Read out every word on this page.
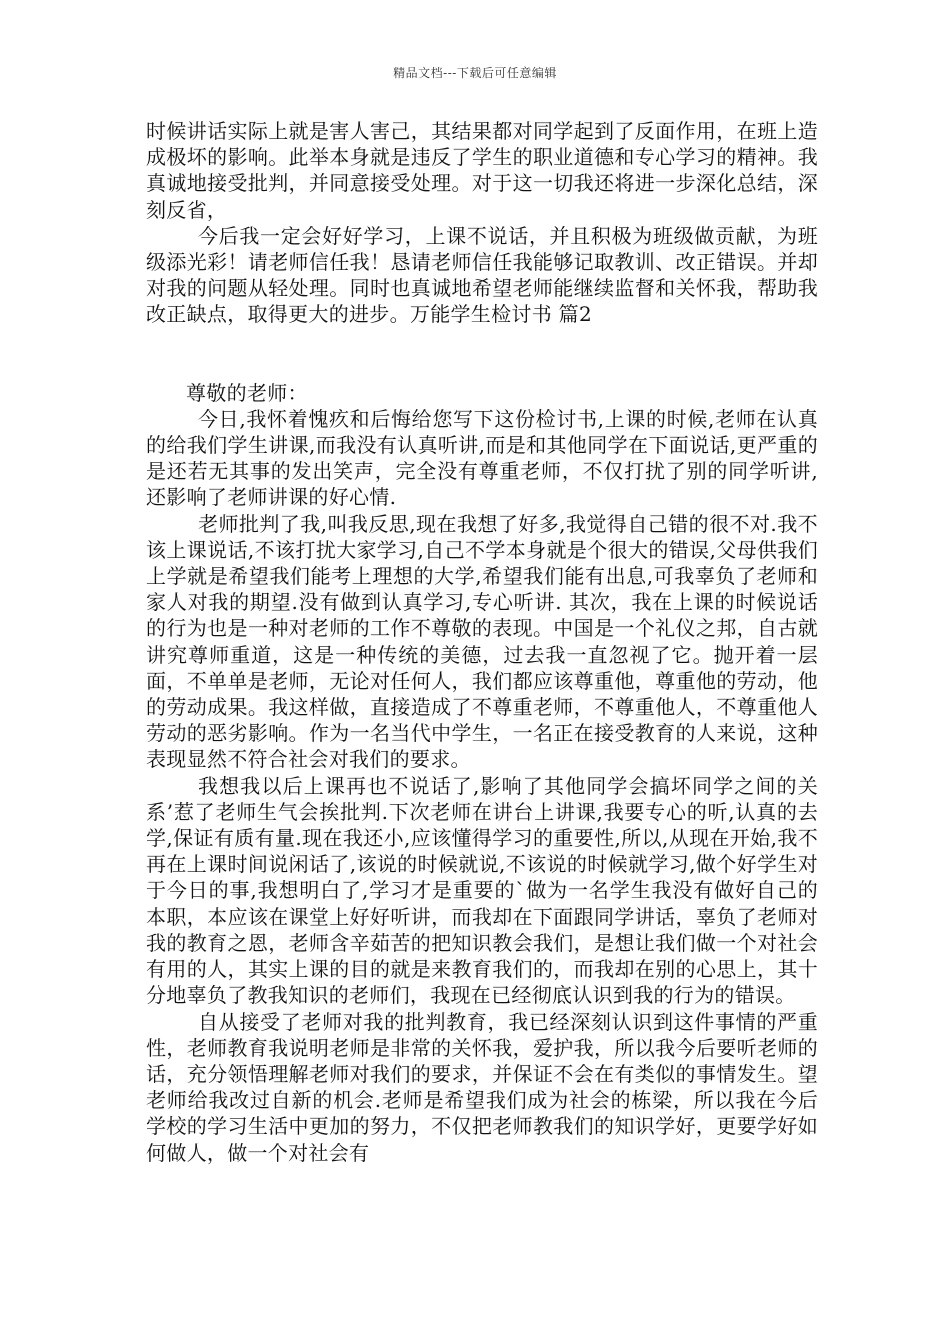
精品文档---下载后可任意编辑

时候讲话实际上就是害人害己，其结果都对同学起到了反面作用，在班上造成极坏的影响。此举本身就是违反了学生的职业道德和专心学习的精神。我真诚地接受批判，并同意接受处理。对于这一切我还将进一步深化总结，深刻反省，

今后我一定会好好学习，上课不说话，并且积极为班级做贡献，为班级添光彩！请老师信任我！恳请老师信任我能够记取教训、改正错误。并却对我的问题从轻处理。同时也真诚地希望老师能继续监督和关怀我，帮助我改正缺点，取得更大的进步。万能学生检讨书 篇2

尊敬的老师：

今日,我怀着愧疚和后悔给您写下这份检讨书,上课的时候,老师在认真的给我们学生讲课,而我没有认真听讲,而是和其他同学在下面说话,更严重的是还若无其事的发出笑声，完全没有尊重老师，不仅打扰了别的同学听讲,还影响了老师讲课的好心情.

老师批判了我,叫我反思,现在我想了好多,我觉得自己错的很不对.我不该上课说话,不该打扰大家学习,自己不学本身就是个很大的错误,父母供我们上学就是希望我们能考上理想的大学,希望我们能有出息,可我辜负了老师和家人对我的期望.没有做到认真学习,专心听讲. 其次，我在上课的时候说话的行为也是一种对老师的工作不尊敬的表现。中国是一个礼仪之邦，自古就讲究尊师重道，这是一种传统的美德，过去我一直忽视了它。抛开着一层面，不单单是老师，无论对任何人，我们都应该尊重他，尊重他的劳动，他的劳动成果。我这样做，直接造成了不尊重老师，不尊重他人，不尊重他人劳动的恶劣影响。作为一名当代中学生，一名正在接受教育的人来说，这种表现显然不符合社会对我们的要求。

我想我以后上课再也不说话了,影响了其他同学会搞坏同学之间的关系’惹了老师生气会挨批判.下次老师在讲台上讲课,我要专心的听,认真的去学,保证有质有量.现在我还小,应该懂得学习的重要性,所以,从现在开始,我不再在上课时间说闲话了,该说的时候就说,不该说的时候就学习,做个好学生对于今日的事,我想明白了,学习才是重要的`做为一名学生我没有做好自己的本职，本应该在课堂上好好听讲，而我却在下面跟同学讲话，辜负了老师对我的教育之恩，老师含辛茹苦的把知识教会我们，是想让我们做一个对社会有用的人，其实上课的目的就是来教育我们的，而我却在别的心思上，其十分地辜负了教我知识的老师们，我现在已经彻底认识到我的行为的错误。

自从接受了老师对我的批判教育，我已经深刻认识到这件事情的严重性，老师教育我说明老师是非常的关怀我，爱护我，所以我今后要听老师的话，充分领悟理解老师对我们的要求，并保证不会在有类似的事情发生。望老师给我改过自新的机会.老师是希望我们成为社会的栋梁，所以我在今后学校的学习生活中更加的努力，不仅把老师教我们的知识学好，更要学好如何做人，做一个对社会有
